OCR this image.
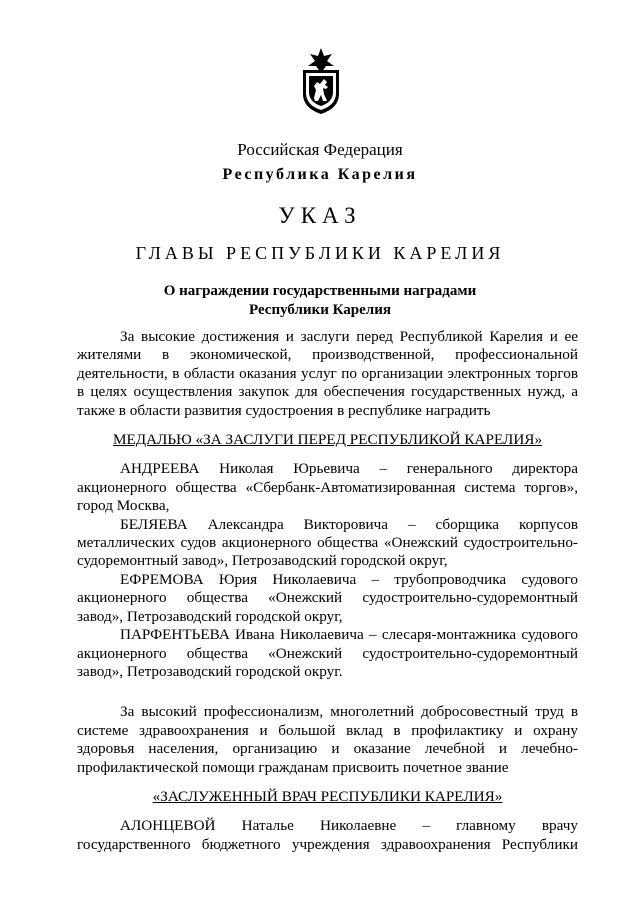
Российская Федерация
Республика Карелия
УКАЗ
ГЛАВЫ РЕСПУБЛИКИ КАРЕЛИЯ
О награждении государственными наградами
Республики Карелия

За высокие достижения и заслуги перед Республикой Карелия и ее жителями в экономической, производственной, профессиональной деятельности, в области оказания услуг по организации электронных торгов в целях осуществления закупок для обеспечения государственных нужд, а также в области развития судостроения в республике наградить

МЕДАЛЬЮ «ЗА ЗАСЛУГИ ПЕРЕД РЕСПУБЛИКОЙ КАРЕЛИЯ»

АНДРЕЕВА Николая Юрьевича – генерального директора акционерного общества «Сбербанк-Автоматизированная система торгов», город Москва,

БЕЛЯЕВА Александра Викторовича – сборщика корпусов металлических судов акционерного общества «Онежский судостроительно-судоремонтный завод», Петрозаводский городской округ,

ЕФРЕМОВА Юрия Николаевича – трубопроводчика судового акционерного общества «Онежский судостроительно-судоремонтный завод», Петрозаводский городской округ,

ПАРФЕНТЬЕВА Ивана Николаевича – слесаря-монтажника судового акционерного общества «Онежский судостроительно-судоремонтный завод», Петрозаводский городской округ.

За высокий профессионализм, многолетний добросовестный труд в системе здравоохранения и большой вклад в профилактику и охрану здоровья населения, организацию и оказание лечебной и лечебно-профилактической помощи гражданам присвоить почетное звание

«ЗАСЛУЖЕННЫЙ ВРАЧ РЕСПУБЛИКИ КАРЕЛИЯ»

АЛОНЦЕВОЙ Наталье Николаевне – главному врачу

государственного бюджетного учреждения здравоохранения Республики
